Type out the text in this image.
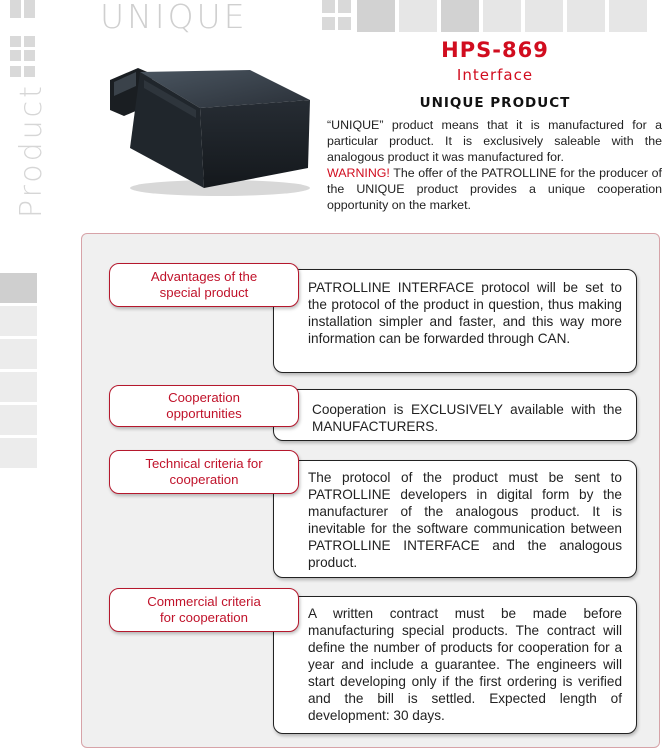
Product
UNIQUE
HPS-869
Interface
UNIQUE PRODUCT
“UNIQUE” product means that it is manufactured for a particular product. It is exclusively saleable with the analogous product it was manufactured for.
WARNING! The offer of the PATROLLINE for the producer of the UNIQUE product provides a unique cooperation opportunity on the market.
PATROLLINE INTERFACE protocol will be set to the protocol of the product in question, thus making installation simpler and faster, and this way more information can be forwarded through CAN.
Advantages of the
special product
Cooperation is EXCLUSIVELY available with the MANUFACTURERS.
Cooperation
opportunities
The protocol of the product must be sent to PATROLLINE developers in digital form by the manufacturer of the analogous product. It is inevitable for the software communication between PATROLLINE INTERFACE and the analogous product.
Technical criteria for
cooperation
A written contract must be made before manufacturing special products. The contract will define the number of products for cooperation for a year and include a guarantee. The engineers will start developing only if the first ordering is verified and the bill is settled. Expected length of development: 30 days.
Commercial criteria
for cooperation
